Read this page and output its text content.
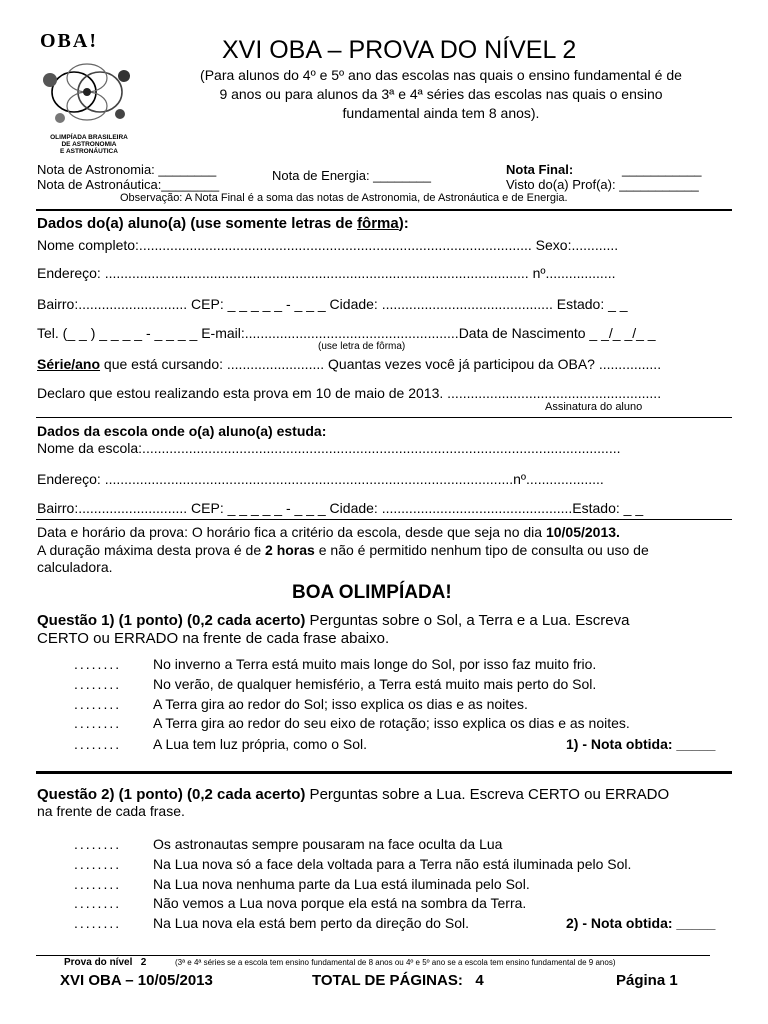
OBA!
OLIMPÍADA BRASILEIRA
DE ASTRONOMIA
E ASTRONÁUTICA
XVI OBA – PROVA DO NÍVEL 2
(Para alunos do 4º e 5º ano das escolas nas quais o ensino fundamental é de
9 anos ou para alunos da 3ª e 4ª séries das escolas nas quais o ensino
fundamental ainda tem 8 anos).
Nota de Astronomia: ________
Nota de Astronáutica:________
Nota de Energia: ________	Nota Final:	___________
Visto do(a) Prof(a): ___________
Observação: A Nota Final é a soma das notas de Astronomia, de Astronáutica e de Energia.
Dados do(a) aluno(a) (use somente letras de fôrma):
Nome completo:..................................................................................................... Sexo:............
Endereço: ............................................................................................................. nº..................
Bairro:............................ CEP: _ _ _ _ _ - _ _ _ Cidade: ............................................ Estado: _ _
Tel. (_ _ ) _ _ _ _ - _ _ _ _ E-mail:.......................................................Data de Nascimento _ _/_ _/_ _
(use letra de fôrma)
Série/ano que está cursando: ......................... Quantas vezes você já participou da OBA? ................
Declaro que estou realizando esta prova em 10 de maio de 2013. .......................................................
Assinatura do aluno
Dados da escola onde o(a) aluno(a) estuda:
Nome da escola:...........................................................................................................................
Endereço: .........................................................................................................nº....................
Bairro:............................ CEP: _ _ _ _ _ - _ _ _ Cidade: .................................................Estado: _ _
Data e horário da prova: O horário fica a critério da escola, desde que seja no dia 10/05/2013.
A duração máxima desta prova é de 2 horas e não é permitido nenhum tipo de consulta ou uso de
calculadora.
BOA OLIMPÍADA!
Questão 1) (1 ponto) (0,2 cada acerto) Perguntas sobre o Sol, a Terra e a Lua. Escreva
CERTO ou ERRADO na frente de cada frase abaixo.
........ No inverno a Terra está muito mais longe do Sol, por isso faz muito frio.
........ No verão, de qualquer hemisfério, a Terra está muito mais perto do Sol.
........ A Terra gira ao redor do Sol; isso explica os dias e as noites.
........ A Terra gira ao redor do seu eixo de rotação; isso explica os dias e as noites.
........ A Lua tem luz própria, como o Sol.	1) - Nota obtida: _____
Questão 2) (1 ponto) (0,2 cada acerto) Perguntas sobre a Lua. Escreva CERTO ou ERRADO
na frente de cada frase.
........ Os astronautas sempre pousaram na face oculta da Lua
........ Na Lua nova só a face dela voltada para a Terra não está iluminada pelo Sol.
........ Na Lua nova nenhuma parte da Lua está iluminada pelo Sol.
........ Não vemos a Lua nova porque ela está na sombra da Terra.
........ Na Lua nova ela está bem perto da direção do Sol.	2) - Nota obtida: _____
Prova do nível   2	(3ª e 4ª séries se a escola tem ensino fundamental de 8 anos ou 4º e 5º ano se a escola tem ensino fundamental de 9 anos)
XVI OBA – 10/05/2013	TOTAL DE PÁGINAS:   4	Página 1
